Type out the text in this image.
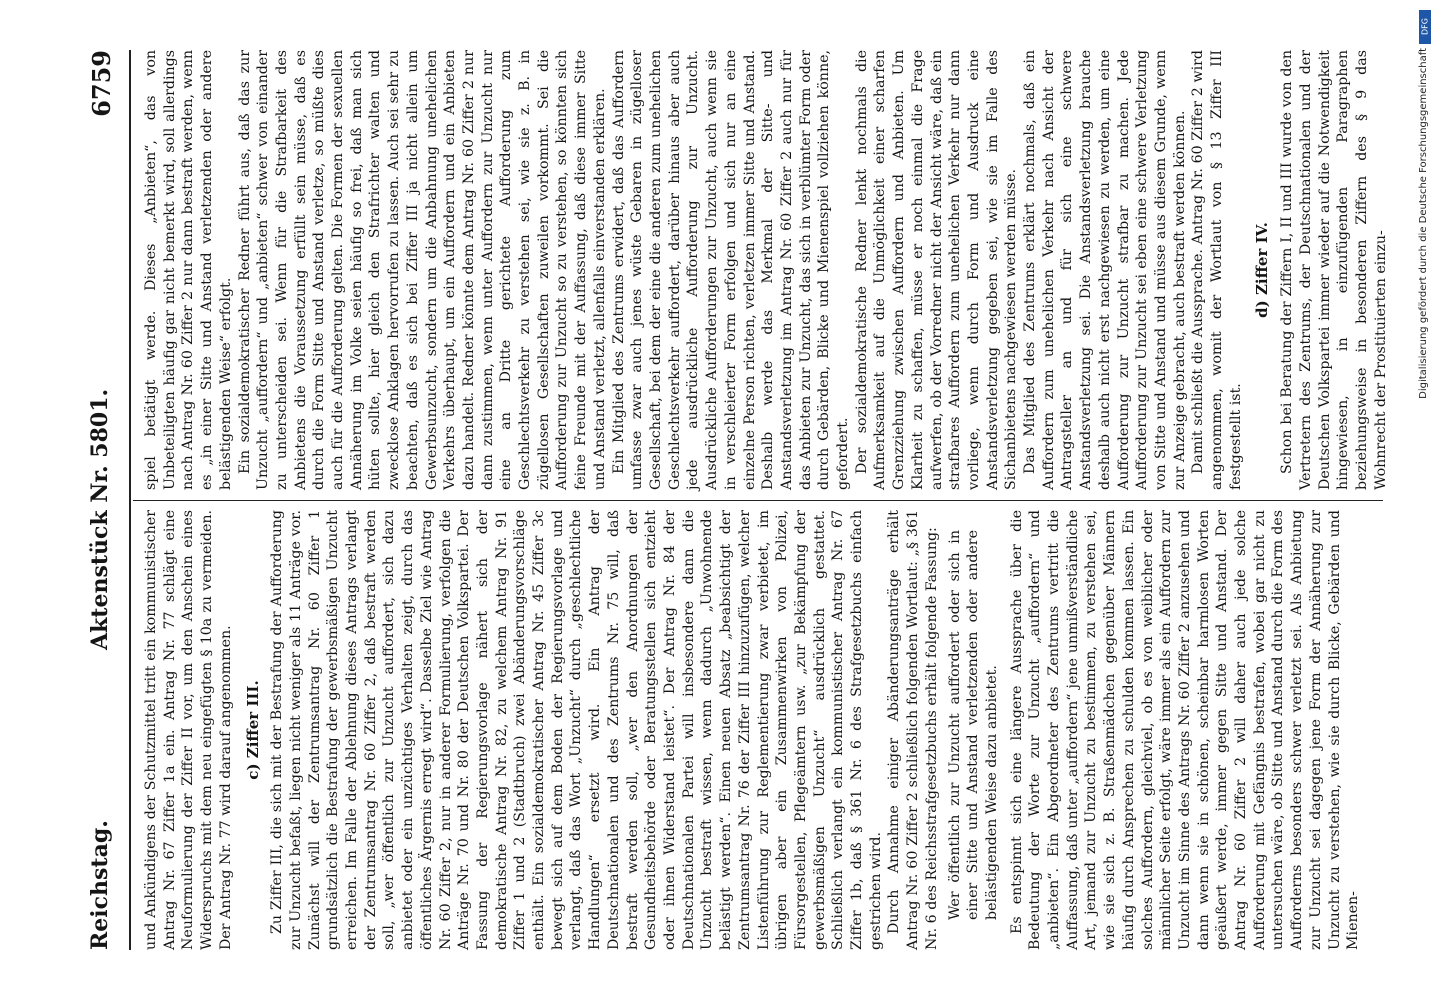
Reichstag.
Aktenstück Nr. 5801.
6759

und Ankündigens der Schutzmittel tritt ein kommunistischer Antrag Nr. 67 Ziffer 1a ein. Antrag Nr. 77 schlägt eine Neuformulierung der Ziffer II vor, um den Anschein eines Widerspruchs mit dem neu eingefügten § 10a zu vermeiden. Der Antrag Nr. 77 wird darauf angenommen. c) Ziffer III. Zu Ziffer III, die sich mit der Bestrafung der Aufforderung zur Unzucht befaßt, liegen nicht weniger als 11 Anträge vor. Zunächst will der Zentrumsantrag Nr. 60 Ziffer 1 grundsätzlich die Bestrafung der gewerbsmäßigen Unzucht erreichen. Im Falle der Ablehnung dieses Antrags verlangt der Zentrumsantrag Nr. 60 Ziffer 2, daß bestraft werden soll, „wer öffentlich zur Unzucht auffordert, sich dazu anbietet oder ein unzüchtiges Verhalten zeigt, durch das öffentliches Ärgernis erregt wird“. Dasselbe Ziel wie Antrag Nr. 60 Ziffer 2, nur in anderer Formulierung, verfolgen die Anträge Nr. 70 und Nr. 80 der Deutschen Volkspartei. Der Fassung der Regierungsvorlage nähert sich der demokratische Antrag Nr. 82, zu welchem Antrag Nr. 91 Ziffer 1 und 2 (Stadtbruch) zwei Abänderungsvorschläge enthält. Ein sozialdemokratischer Antrag Nr. 45 Ziffer 3c bewegt sich auf dem Boden der Regierungsvorlage und verlangt, daß das Wort „Unzucht“ durch „geschlechtliche Handlungen“ ersetzt wird. Ein Antrag der Deutschnationalen und des Zentrums Nr. 75 will, daß bestraft werden soll, „wer den Anordnungen der Gesundheitsbehörde oder Beratungsstellen sich entzieht oder ihnen Widerstand leistet“. Der Antrag Nr. 84 der Deutschnationalen Partei will insbesondere dann die Unzucht bestraft wissen, wenn dadurch „Unwohnende belästigt werden“. Einen neuen Absatz „beabsichtigt der Zentrumsantrag Nr. 76 der Ziffer III hinzuzufügen, welcher Listenführung zur Reglementierung zwar verbietet, im übrigen aber ein Zusammenwirken von Polizei, Fürsorgestellen, Pflegeämtern usw. „zur Bekämpfung der gewerbsmäßigen Unzucht“ ausdrücklich gestattet. Schließlich verlangt ein kommunistischer Antrag Nr. 67 Ziffer 1b, daß § 361 Nr. 6 des Strafgesetzbuchs einfach gestrichen wird. Durch Annahme einiger Abänderungsanträge erhält Antrag Nr. 60 Ziffer 2 schließlich folgenden Wortlaut: „§ 361 Nr. 6 des Reichsstrafgesetzbuchs erhält folgende Fassung: Wer öffentlich zur Unzucht auffordert oder sich in einer Sitte und Anstand verletzenden oder andere belästigenden Weise dazu anbietet. Es entspinnt sich eine längere Aussprache über die Bedeutung der Worte zur Unzucht „auffordern“ und „anbieten“. Ein Abgeordneter des Zentrums vertritt die Auffassung, daß unter „auffordern“ jene unmißverständliche Art, jemand zur Unzucht zu bestimmen, zu verstehen sei, wie sie sich z. B. Straßenmädchen gegenüber Männern häufig durch Ansprechen zu schulden kommen lassen. Ein solches Auffordern, gleichviel, ob es von weiblicher oder männlicher Seite erfolgt, wäre immer als ein Auffordern zur Unzucht im Sinne des Antrags Nr. 60 Ziffer 2 anzusehen und dann wenn sie in schönen, scheinbar harmlosen Worten geäußert werde, immer gegen Sitte und Anstand. Der Antrag Nr. 60 Ziffer 2 will daher auch jede solche Aufforderung mit Gefängnis bestrafen, wobei gar nicht zu untersuchen wäre, ob Sitte und Anstand durch die Form des Aufforderns besonders schwer verletzt sei. Als Anbietung zur Unzucht sei dagegen jene Form der Annäherung zur Unzucht zu verstehen, wie sie durch Blicke, Gebärden und Mienen-

spiel betätigt werde. Dieses „Anbieten“, das von Unbeteiligten häufig gar nicht bemerkt wird, soll allerdings nach Antrag Nr. 60 Ziffer 2 nur dann bestraft werden, wenn es „in einer Sitte und Anstand verletzenden oder andere belästigenden Weise“ erfolgt. Ein sozialdemokratischer Redner führt aus, daß das zur Unzucht „auffordern“ und „anbieten“ schwer von einander zu unterscheiden sei. Wenn für die Strafbarkeit des Anbietens die Voraussetzung erfüllt sein müsse, daß es durch die Form Sitte und Anstand verletze, so müßte dies auch für die Aufforderung gelten. Die Formen der sexuellen Annäherung im Volke seien häufig so frei, daß man sich hüten sollte, hier gleich den Strafrichter walten und zwecklose Anklagen hervorrufen zu lassen. Auch sei sehr zu beachten, daß es sich bei Ziffer III ja nicht allein um Gewerbsunzucht, sondern um die Anbahnung unehelichen Verkehrs überhaupt, um ein Auffordern und ein Anbieten dazu handelt. Redner könnte dem Antrag Nr. 60 Ziffer 2 nur dann zustimmen, wenn unter Auffordern zur Unzucht nur eine an Dritte gerichtete Aufforderung zum Geschlechtsverkehr zu verstehen sei, wie sie z. B. in zügellosen Gesellschaften zuweilen vorkommt. Sei die Aufforderung zur Unzucht so zu verstehen, so könnten sich feine Freunde mit der Auffassung, daß diese immer Sitte und Anstand verletzt, allenfalls einverstanden erklären. Ein Mitglied des Zentrums erwidert, daß das Auffordern umfasse zwar auch jenes wüste Gebaren in zügelloser Gesellschaft, bei dem der eine die anderen zum unehelichen Geschlechtsverkehr auffordert, darüber hinaus aber auch jede ausdrückliche Aufforderung zur Unzucht. Ausdrückliche Aufforderungen zur Unzucht, auch wenn sie in verschleierter Form erfolgen und sich nur an eine einzelne Person richten, verletzen immer Sitte und Anstand. Deshalb werde das Merkmal der Sitte- und Anstandsverletzung im Antrag Nr. 60 Ziffer 2 auch nur für das Anbieten zur Unzucht, das sich in verblümter Form oder durch Gebärden, Blicke und Mienenspiel vollziehen könne, gefordert. Der sozialdemokratische Redner lenkt nochmals die Aufmerksamkeit auf die Unmöglichkeit einer scharfen Grenzziehung zwischen Auffordern und Anbieten. Um Klarheit zu schaffen, müsse er noch einmal die Frage aufwerfen, ob der Vorredner nicht der Ansicht wäre, daß ein strafbares Auffordern zum unehelichen Verkehr nur dann vorliege, wenn durch Form und Ausdruck eine Anstandsverletzung gegeben sei, wie sie im Falle des Sichanbietens nachgewiesen werden müsse. Das Mitglied des Zentrums erklärt nochmals, daß ein Auffordern zum unehelichen Verkehr nach Ansicht der Antragsteller an und für sich eine schwere Anstandsverletzung sei. Die Anstandsverletzung brauche deshalb auch nicht erst nachgewiesen zu werden, um eine Aufforderung zur Unzucht strafbar zu machen. Jede Aufforderung zur Unzucht sei eben eine schwere Verletzung von Sitte und Anstand und müsse aus diesem Grunde, wenn zur Anzeige gebracht, auch bestraft werden können. Damit schließt die Aussprache. Antrag Nr. 60 Ziffer 2 wird angenommen, womit der Wortlaut von § 13 Ziffer III festgestellt ist.

d) Ziffer IV. Schon bei Beratung der Ziffern I, II und III wurde von den Vertretern des Zentrums, der Deutschnationalen und der Deutschen Volkspartei immer wieder auf die Notwendigkeit hingewiesen, in einzufügenden Paragraphen beziehungsweise in besonderen Ziffern des § 9 das Wohnrecht der Prostituierten einzu-

DFG
Digitalisierung gefördert durch die Deutsche Forschungsgemeinschaft
